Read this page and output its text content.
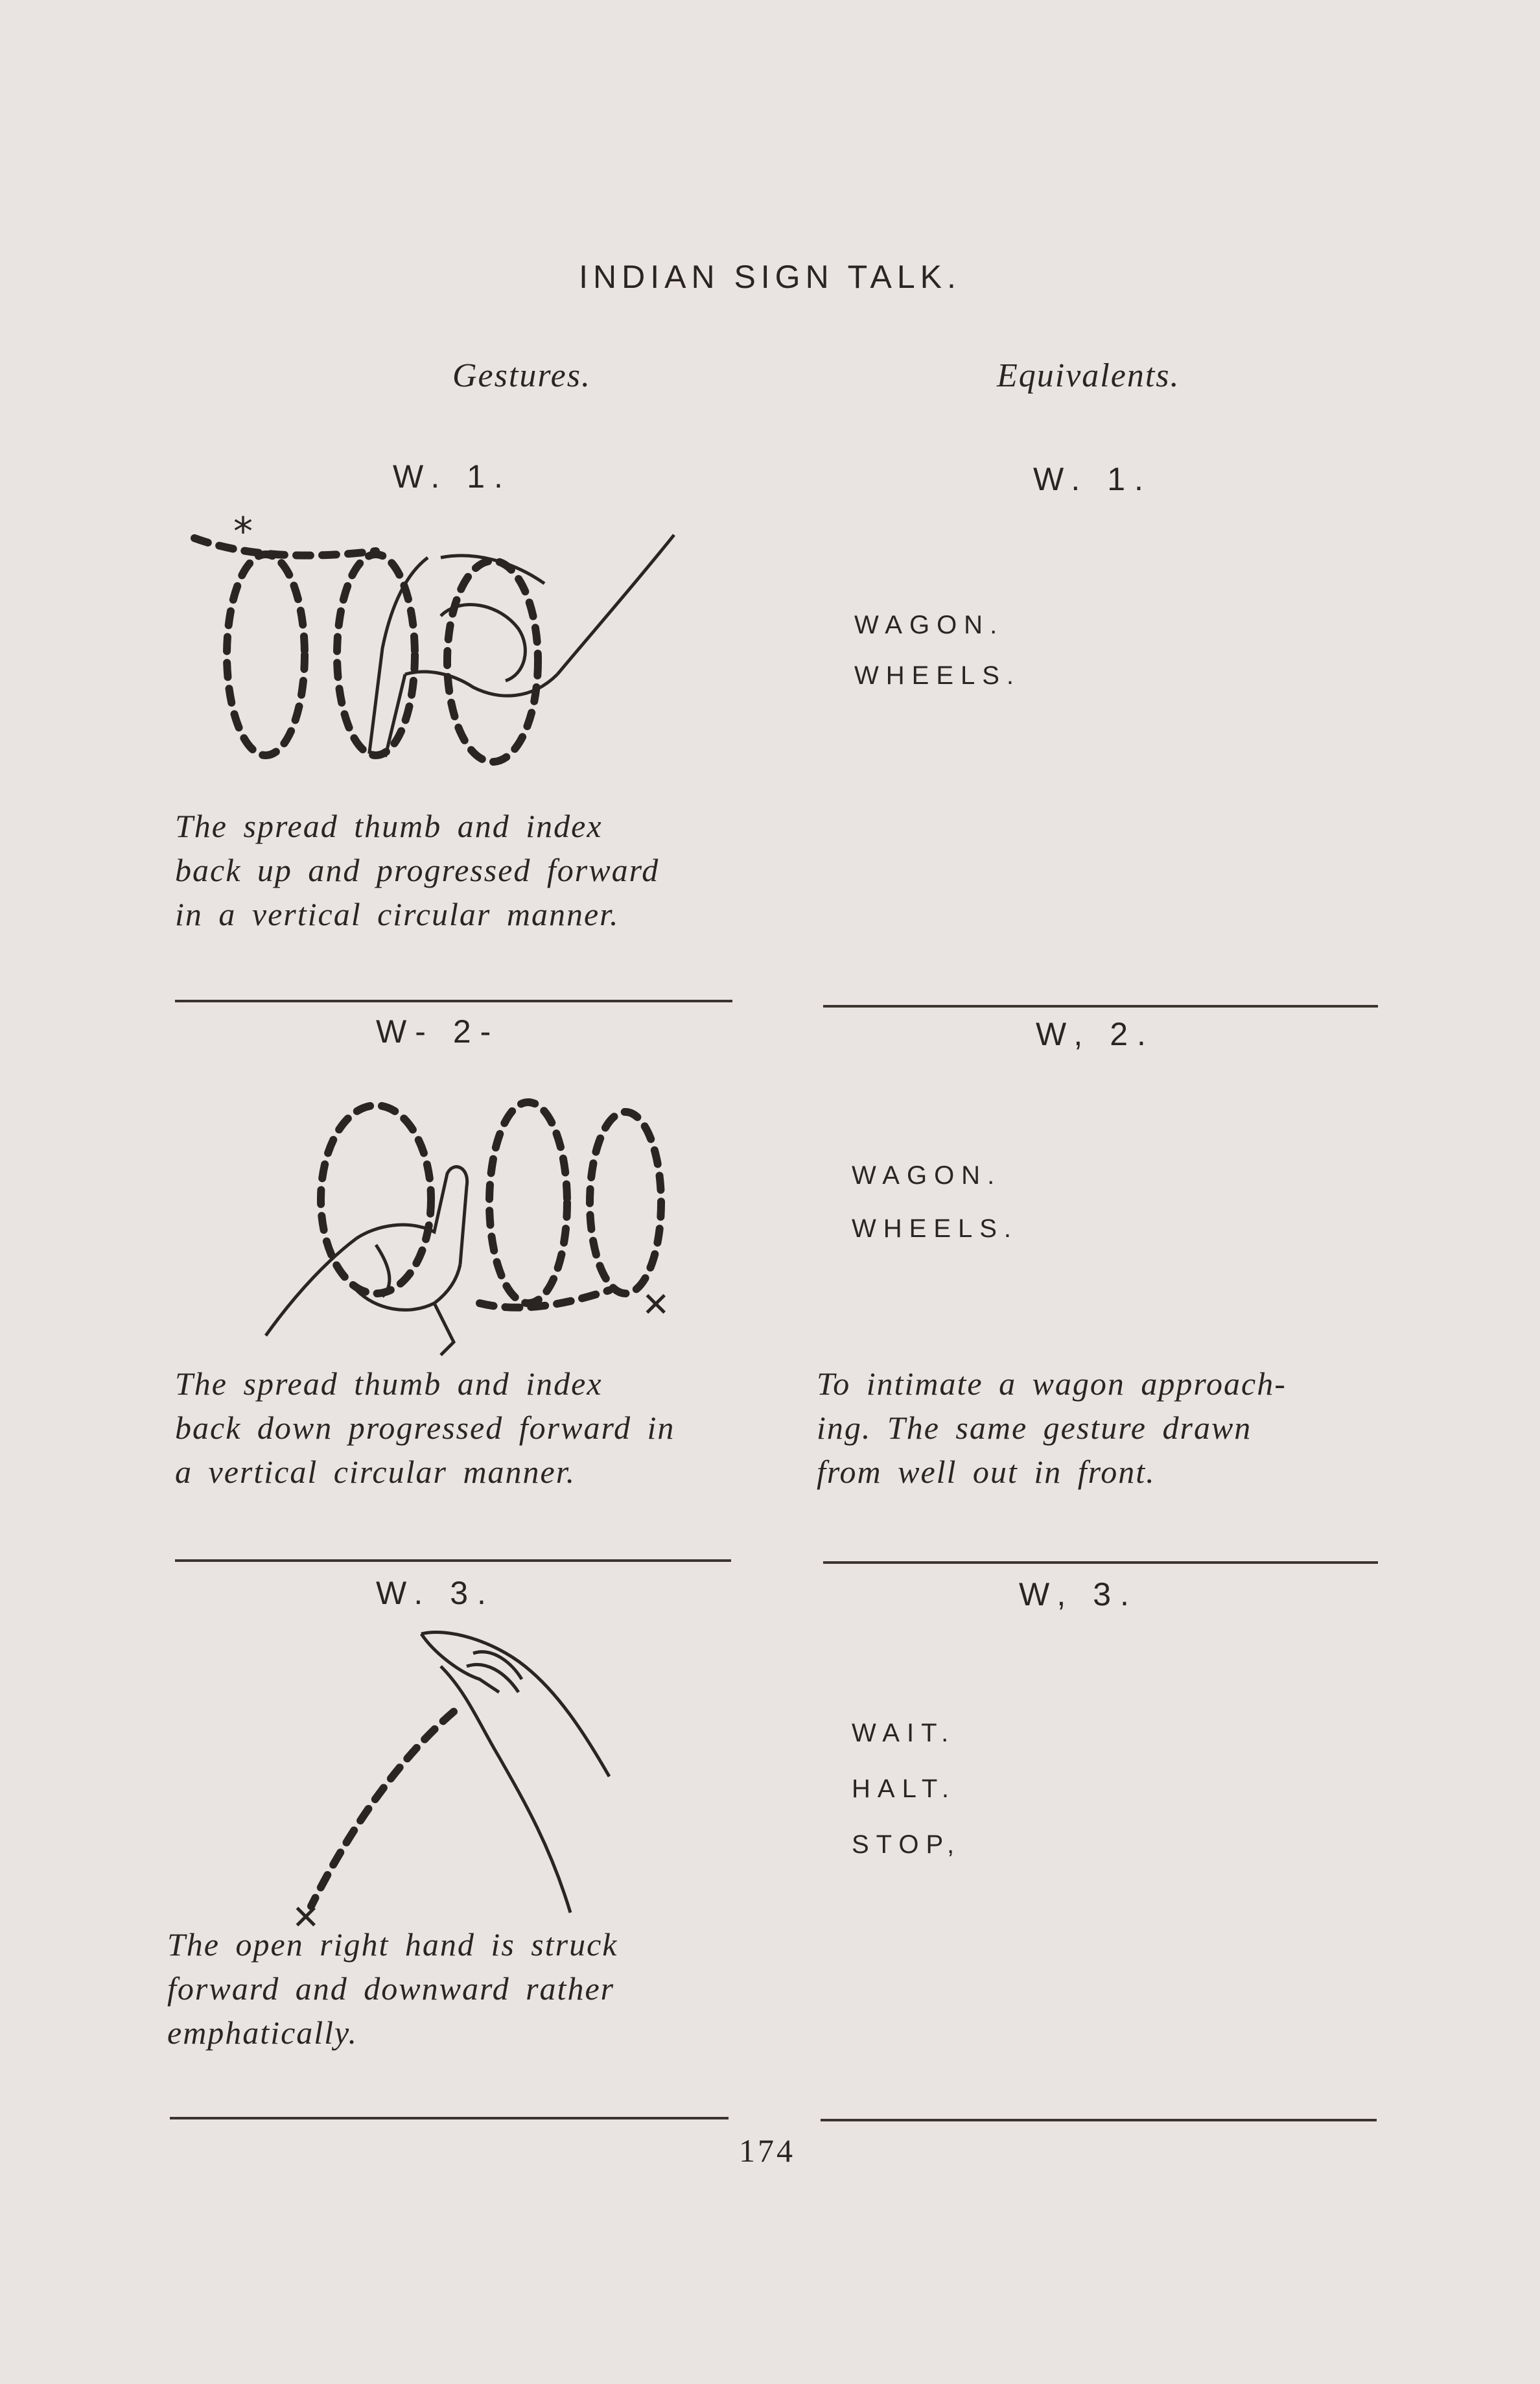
INDIAN SIGN TALK.
Gestures.	Equivalents.
W. 1.	W. 1.
*
The spread thumb and index
back up and progressed forward
in a vertical circular manner.
WAGON.
WHEELS.
W- 2-	W, 2.
✕
The spread thumb and index
back down progressed forward in
a vertical circular manner.
WAGON.
WHEELS.
To intimate a wagon approach-
ing. The same gesture drawn
from well out in front.
W. 3.	W, 3.
✕
The open right hand is struck
forward and downward rather
emphatically.
WAIT.
HALT.
STOP,
174
